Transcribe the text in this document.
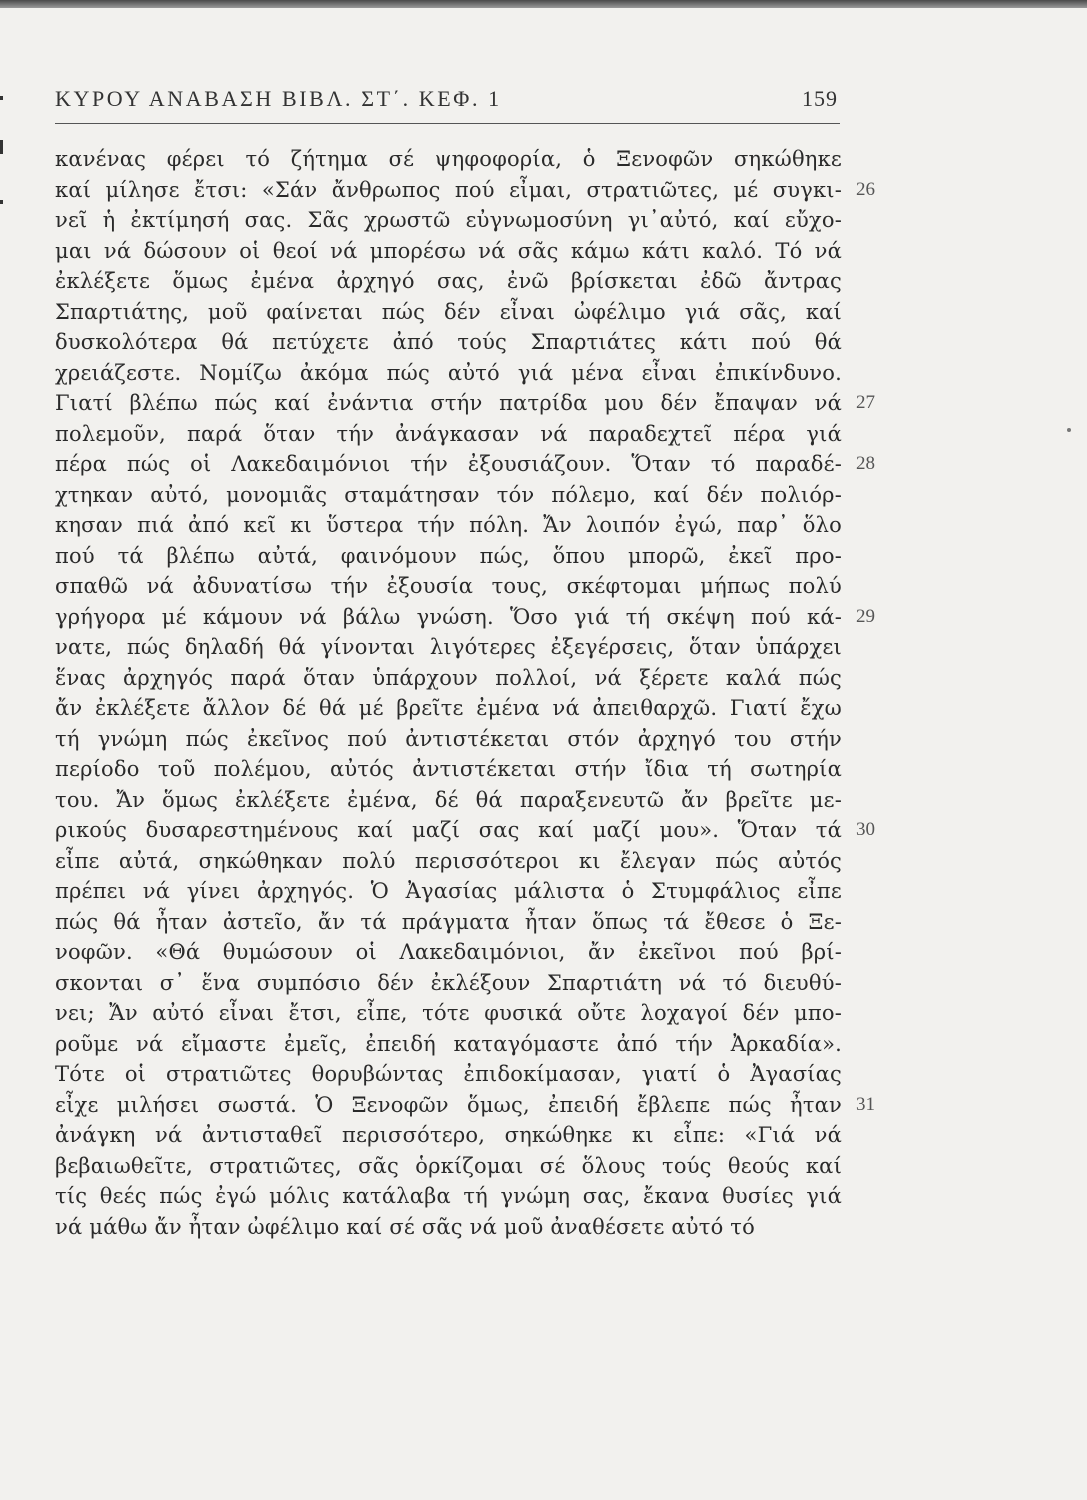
ΚΥΡΟΥ ΑΝΑΒΑΣΗ ΒΙΒΛ. ΣΤ΄. ΚΕΦ. 1	159
κανένας φέρει τό ζήτημα σέ ψηφοφορία, ὁ Ξενοφῶν σηκώθηκε
καί μίλησε ἔτσι: «Σάν ἄνθρωπος πού εἶμαι, στρατιῶτες, μέ συγκι- 26
νεῖ ἡ ἐκτίμησή σας. Σᾶς χρωστῶ εὐγνωμοσύνη γι᾿αὐτό, καί εὔχο-
μαι νά δώσουν οἱ θεοί νά μπορέσω νά σᾶς κάμω κάτι καλό. Τό νά
ἐκλέξετε ὅμως ἐμένα ἀρχηγό σας, ἐνῶ βρίσκεται ἐδῶ ἄντρας
Σπαρτιάτης, μοῦ φαίνεται πώς δέν εἶναι ὠφέλιμο γιά σᾶς, καί
δυσκολότερα θά πετύχετε ἀπό τούς Σπαρτιάτες κάτι πού θά
χρειάζεστε. Νομίζω ἀκόμα πώς αὐτό γιά μένα εἶναι ἐπικίνδυνο.
Γιατί βλέπω πώς καί ἐνάντια στήν πατρίδα μου δέν ἔπαψαν νά 27
πολεμοῦν, παρά ὅταν τήν ἀνάγκασαν νά παραδεχτεῖ πέρα γιά
πέρα πώς οἱ Λακεδαιμόνιοι τήν ἐξουσιάζουν. Ὅταν τό παραδέ- 28
χτηκαν αὐτό, μονομιᾶς σταμάτησαν τόν πόλεμο, καί δέν πολιόρ-
κησαν πιά ἀπό κεῖ κι ὕστερα τήν πόλη. Ἄν λοιπόν ἐγώ, παρ᾿ ὅλο
πού τά βλέπω αὐτά, φαινόμουν πώς, ὅπου μπορῶ, ἐκεῖ προ-
σπαθῶ νά ἀδυνατίσω τήν ἐξουσία τους, σκέφτομαι μήπως πολύ
γρήγορα μέ κάμουν νά βάλω γνώση. Ὅσο γιά τή σκέψη πού κά- 29
νατε, πώς δηλαδή θά γίνονται λιγότερες ἐξεγέρσεις, ὅταν ὑπάρχει
ἕνας ἀρχηγός παρά ὅταν ὑπάρχουν πολλοί, νά ξέρετε καλά πώς
ἄν ἐκλέξετε ἄλλον δέ θά μέ βρεῖτε ἐμένα νά ἀπειθαρχῶ. Γιατί ἔχω
τή γνώμη πώς ἐκεῖνος πού ἀντιστέκεται στόν ἀρχηγό του στήν
περίοδο τοῦ πολέμου, αὐτός ἀντιστέκεται στήν ἴδια τή σωτηρία
του. Ἄν ὅμως ἐκλέξετε ἐμένα, δέ θά παραξενευτῶ ἄν βρεῖτε με-
ρικούς δυσαρεστημένους καί μαζί σας καί μαζί μου». Ὅταν τά 30
εἶπε αὐτά, σηκώθηκαν πολύ περισσότεροι κι ἔλεγαν πώς αὐτός
πρέπει νά γίνει ἀρχηγός. Ὁ Ἀγασίας μάλιστα ὁ Στυμφάλιος εἶπε
πώς θά ἦταν ἀστεῖο, ἄν τά πράγματα ἦταν ὅπως τά ἔθεσε ὁ Ξε-
νοφῶν. «Θά θυμώσουν οἱ Λακεδαιμόνιοι, ἄν ἐκεῖνοι πού βρί-
σκονται σ᾿ ἕνα συμπόσιο δέν ἐκλέξουν Σπαρτιάτη νά τό διευθύ-
νει; Ἄν αὐτό εἶναι ἔτσι, εἶπε, τότε φυσικά οὔτε λοχαγοί δέν μπο-
ροῦμε νά εἴμαστε ἐμεῖς, ἐπειδή καταγόμαστε ἀπό τήν Ἀρκαδία».
Τότε οἱ στρατιῶτες θορυβώντας ἐπιδοκίμασαν, γιατί ὁ Ἀγασίας
εἶχε μιλήσει σωστά. Ὁ Ξενοφῶν ὅμως, ἐπειδή ἔβλεπε πώς ἦταν 31
ἀνάγκη νά ἀντισταθεῖ περισσότερο, σηκώθηκε κι εἶπε: «Γιά νά
βεβαιωθεῖτε, στρατιῶτες, σᾶς ὁρκίζομαι σέ ὅλους τούς θεούς καί
τίς θεές πώς ἐγώ μόλις κατάλαβα τή γνώμη σας, ἔκανα θυσίες γιά
νά μάθω ἄν ἦταν ὠφέλιμο καί σέ σᾶς νά μοῦ ἀναθέσετε αὐτό τό
